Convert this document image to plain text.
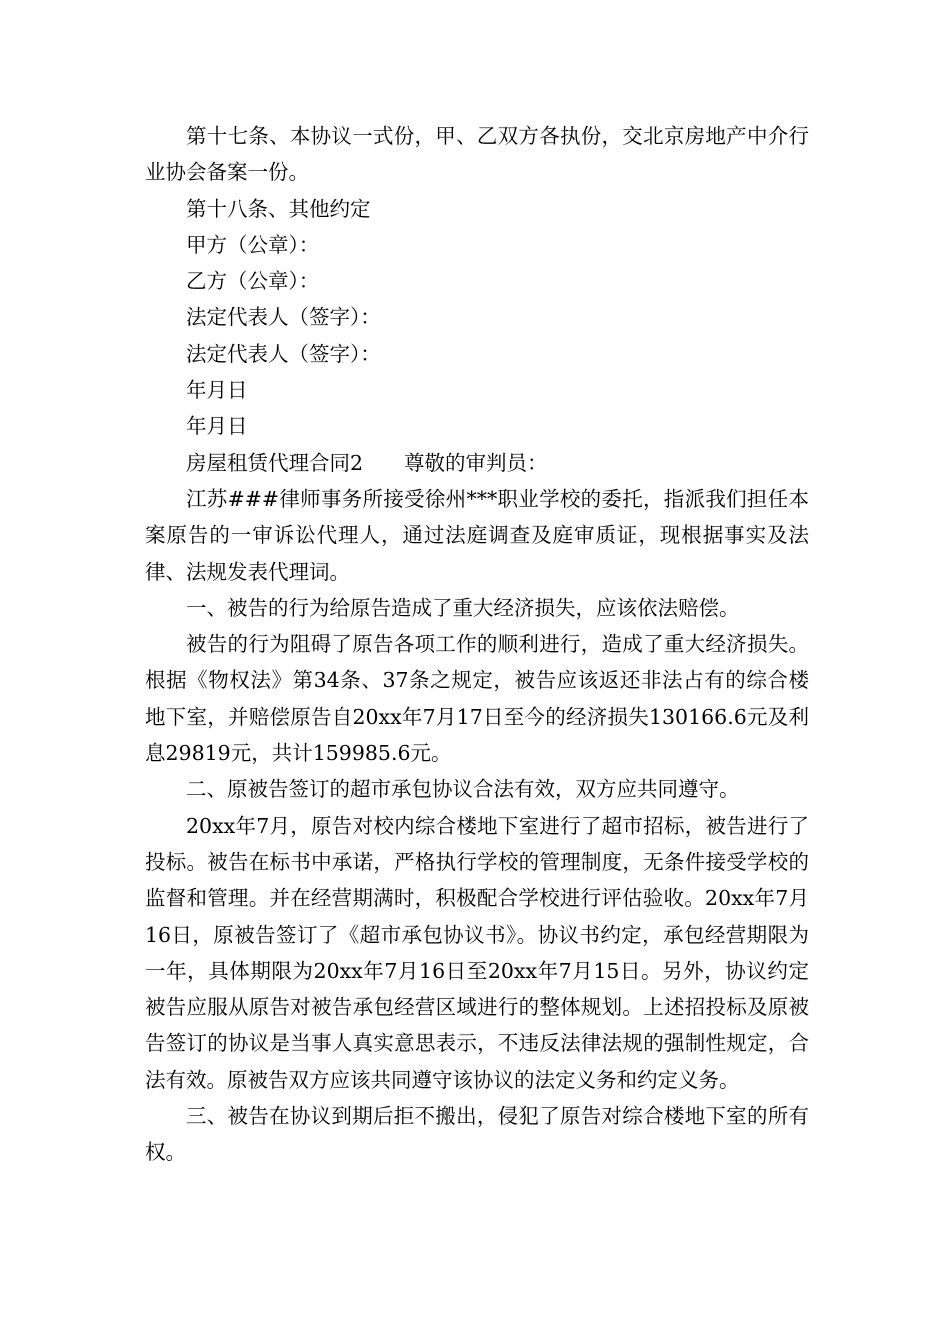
第十七条、本协议一式份，甲、乙双方各执份，交北京房地产中介行业协会备案一份。

第十八条、其他约定

甲方（公章）：

乙方（公章）：

法定代表人（签字）：

法定代表人（签字）：

年月日

年月日

房屋租赁代理合同2　　尊敬的审判员：

江苏###律师事务所接受徐州***职业学校的委托，指派我们担任本案原告的一审诉讼代理人，通过法庭调查及庭审质证，现根据事实及法律、法规发表代理词。

一、被告的行为给原告造成了重大经济损失，应该依法赔偿。

被告的行为阻碍了原告各项工作的顺利进行，造成了重大经济损失。根据《物权法》第34条、37条之规定，被告应该返还非法占有的综合楼地下室，并赔偿原告自20xx年7月17日至今的经济损失130166.6元及利息29819元，共计159985.6元。

二、原被告签订的超市承包协议合法有效，双方应共同遵守。

20xx年7月，原告对校内综合楼地下室进行了超市招标，被告进行了投标。被告在标书中承诺，严格执行学校的管理制度，无条件接受学校的监督和管理。并在经营期满时，积极配合学校进行评估验收。20xx年7月16日，原被告签订了《超市承包协议书》。协议书约定，承包经营期限为一年，具体期限为20xx年7月16日至20xx年7月15日。另外，协议约定被告应服从原告对被告承包经营区域进行的整体规划。上述招投标及原被告签订的协议是当事人真实意思表示，不违反法律法规的强制性规定，合法有效。原被告双方应该共同遵守该协议的法定义务和约定义务。

三、被告在协议到期后拒不搬出，侵犯了原告对综合楼地下室的所有权。
